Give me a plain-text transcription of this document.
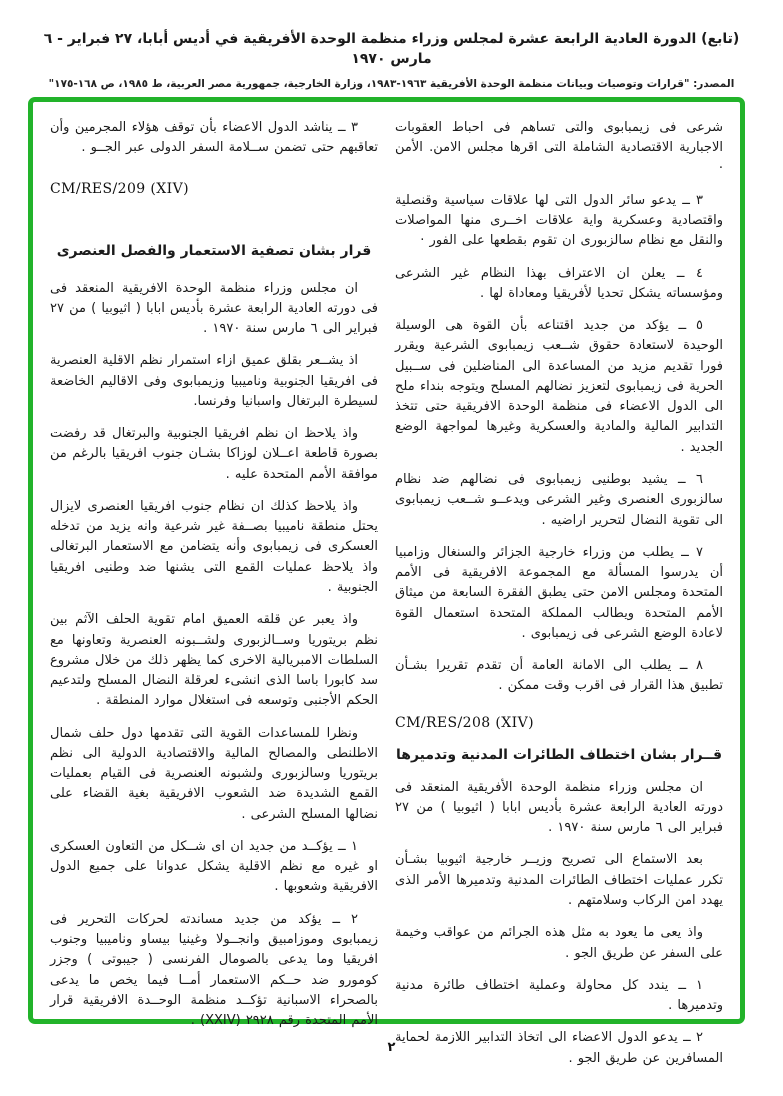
(تابع) الدورة العادية الرابعة عشرة لمجلس وزراء منظمة الوحدة الأفريقية في أديس أبابا، ٢٧ فبراير - ٦ مارس ١٩٧٠
المصدر: "قرارات وتوصيات وبيانات منظمة الوحدة الأفريقية ١٩٦٣-١٩٨٣، وزارة الخارجية، جمهورية مصر العربية، ط ١٩٨٥، ص ١٦٨-١٧٥"
شرعى فى زيمبابوى والتى تساهم فى احباط العقوبات الاجبارية الاقتصادية الشاملة التى اقرها مجلس الامن. الأمن ·
٣ ــ يدعو سائر الدول التى لها علاقات سياسية وقنصلية واقتصادية وعسكرية واية علاقات اخــرى منها المواصلات والنقل مع نظام سالزبورى ان تقوم بقطعها على الفور ·
٤ ــ يعلن ان الاعتراف بهذا النظام غير الشرعى ومؤسساته يشكل تحديا لأفريقيا ومعاداة لها .
٥ ــ يؤكد من جديد اقتناعه بأن القوة هى الوسيلة الوحيدة لاستعادة حقوق شــعب زيمبابوى الشرعية ويقرر فورا تقديم مزيد من المساعدة الى المناضلين فى ســبيل الحرية فى زيمبابوى لتعزيز نضالهم المسلح ويتوجه بنداء ملح الى الدول الاعضاء فى منظمة الوحدة الافريقية حتى تتخذ التدابير المالية والمادية والعسكرية وغيرها لمواجهة الوضع الجديد .
٦ ــ يشيد بوطنيى زيمبابوى فى نضالهم ضد نظام سالزبورى العنصرى وغير الشرعى ويدعــو شــعب زيمبابوى الى تقوية النضال لتحرير اراضيه .
٧ ــ يطلب من وزراء خارجية الجزائر والسنغال وزامبيا أن يدرسوا المسألة مع المجموعة الافريقية فى الأمم المتحدة ومجلس الامن حتى يطبق الفقرة السابعة من ميثاق الأمم المتحدة ويطالب المملكة المتحدة استعمال القوة لاعادة الوضع الشرعى فى زيمبابوى .
٨ ــ يطلب الى الامانة العامة أن تقدم تقريرا بشـأن تطبيق هذا القرار فى اقرب وقت ممكن .
CM/RES/208 (XIV)
قــرار بشان اختطاف الطائرات المدنية وتدميرها
ان مجلس وزراء منظمة الوحدة الأفريقية المنعقد فى دورته العادية الرابعة عشرة بأديس ابابا ( اثيوبيا ) من ٢٧ فبراير الى ٦ مارس سنة ١٩٧٠ .
بعد الاستماع الى تصريح وزيــر خارجية اثيوبيا بشـأن تكرر عمليات اختطاف الطائرات المدنية وتدميرها الأمر الذى يهدد امن الركاب وسلامتهم .
واذ يعى ما يعود به مثل هذه الجرائم من عواقب وخيمة على السفر عن طريق الجو .
١ ــ يندد كل محاولة وعملية اختطاف طائرة مدنية وتدميرها .
٢ ــ يدعو الدول الاعضاء الى اتخاذ التدابير اللازمة لحماية المسافرين عن طريق الجو .
٣ ــ يناشد الدول الاعضاء بأن توقف هؤلاء المجرمين وأن تعاقبهم حتى تضمن ســلامة السفر الدولى عبر الجــو .
CM/RES/209 (XIV)
قرار بشان تصفية الاستعمار والفصل العنصرى
ان مجلس وزراء منظمة الوحدة الافريقية المنعقد فى فى دورته العادية الرابعة عشرة بأديس ابابا ( اثيوبيا ) من ٢٧ فبراير الى ٦ مارس سنة ١٩٧٠ .
اذ يشــعر بقلق عميق ازاء استمرار نظم الاقلية العنصرية فى افريقيا الجنوبية وناميبيا وزيمبابوى وفى الاقاليم الخاضعة لسيطرة البرتغال واسبانيا وفرنسا.
واذ يلاحظ ان نظم افريقيا الجنوبية والبرتغال قد رفضت بصورة قاطعة اعــلان لوزاكا بشـان جنوب افريقيا بالرغم من موافقة الأمم المتحدة عليه .
واذ يلاحظ كذلك ان نظام جنوب افريقيا العنصرى لايزال يحتل منطقة ناميبيا بصــفة غير شرعية وانه يزيد من تدخله العسكرى فى زيمبابوى وأنه يتضامن مع الاستعمار البرتغالى واذ يلاحظ عمليات القمع التى يشنها ضد وطنيى افريقيا الجنوبية .
واذ يعبر عن قلقه العميق امام تقوية الحلف الآثم بين نظم بريتوريا وســالزبورى ولشــبونه العنصرية وتعاونها مع السلطات الامبريالية الاخرى كما يظهر ذلك من خلال مشروع سد كابورا باسا الذى انشىء لعرقلة النضال المسلح ولتدعيم الحكم الأجنبى وتوسعه فى استغلال موارد المنطقة .
ونظرا للمساعدات القوية التى تقدمها دول حلف شمال الاطلنطى والمصالح المالية والاقتصادية الدولية الى نظم بريتوريا وسالزبورى ولشبونه العنصرية فى القيام بعمليات القمع الشديدة ضد الشعوب الافريقية بغية القضاء على نضالها المسلح الشرعى .
١ ــ يؤكــد من جديد ان اى شــكل من التعاون العسكرى او غيره مع نظم الاقلية يشكل عدوانا على جميع الدول الافريقية وشعوبها .
٢ ــ يؤكد من جديد مساندته لحركات التحرير فى زيمبابوى وموزامبيق وانجــولا وغينيا بيساو وناميبيا وجنوب افريقيا وما يدعى بالصومال الفرنسى ( جيبوتى ) وجزر كومورو ضد حــكم الاستعمار أمــا فيما يخص ما يدعى بالصحراء الاسبانية تؤكــد منظمة الوحــدة الافريقية قرار الأمم المتحدة رقم ٢٩٢٨ (XXIV) .
٢
